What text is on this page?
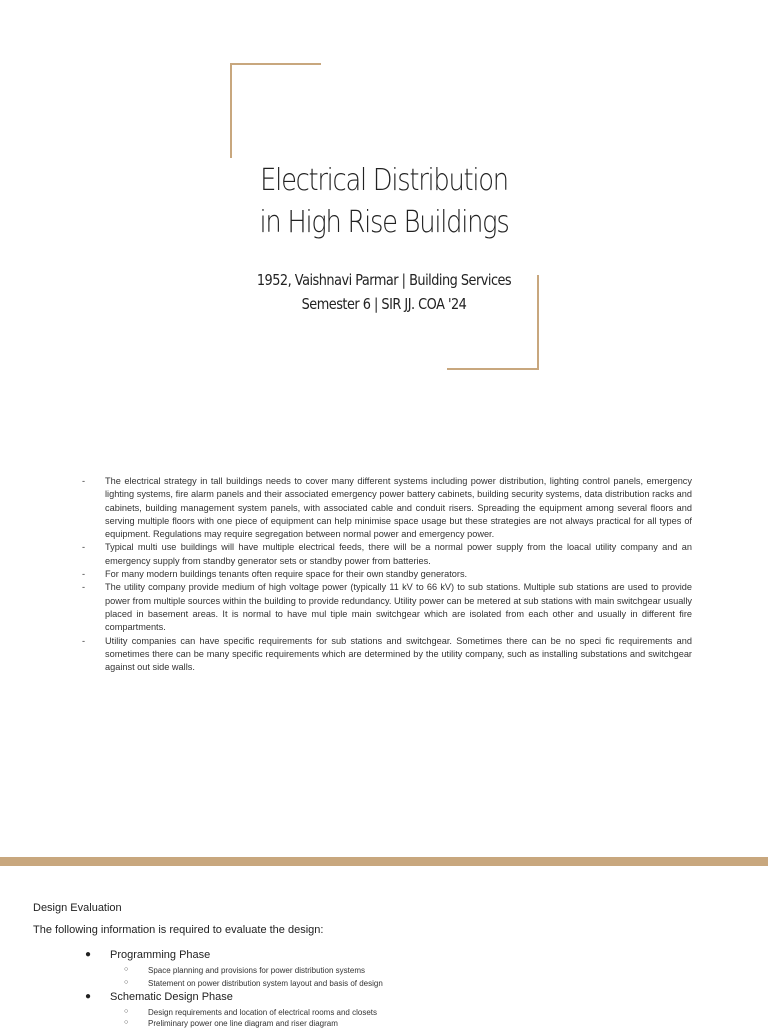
Electrical Distribution
in High Rise Buildings
1952, Vaishnavi Parmar | Building Services
Semester 6 | SIR JJ. COA '24
- The electrical strategy in tall buildings needs to cover many different systems including power distribution, lighting control panels, emergency lighting systems, fire alarm panels and their associated emergency power battery cabinets, building security systems, data distribution racks and cabinets, building management system panels, with associated cable and conduit risers. Spreading the equipment among several floors and serving multiple floors with one piece of equipment can help minimise space usage but these strategies are not always practical for all types of equipment. Regulations may require segregation between normal power and emergency power.
- Typical multi use buildings will have multiple electrical feeds, there will be a normal power supply from the loacal utility company and an emergency supply from standby generator sets or standby power from batteries.
- For many modern buildings tenants often require space for their own standby generators.
- The utility company provide medium of high voltage power (typically 11 kV to 66 kV) to sub stations. Multiple sub stations are used to provide power from multiple sources within the building to provide redundancy. Utility power can be metered at sub stations with main switchgear usually placed in basement areas. It is normal to have mul tiple main switchgear which are isolated from each other and usually in different fire compartments.
- Utility companies can have specific requirements for sub stations and switchgear. Sometimes there can be no speci fic requirements and sometimes there can be many specific requirements which are determined by the utility company, such as installing substations and switchgear against out side walls.
Design Evaluation
The following information is required to evaluate the design:
● Programming Phase
○ Space planning and provisions for power distribution systems
○ Statement on power distribution system layout and basis of design
● Schematic Design Phase
○ Design requirements and location of electrical rooms and closets
○ Preliminary power one line diagram and riser diagram
